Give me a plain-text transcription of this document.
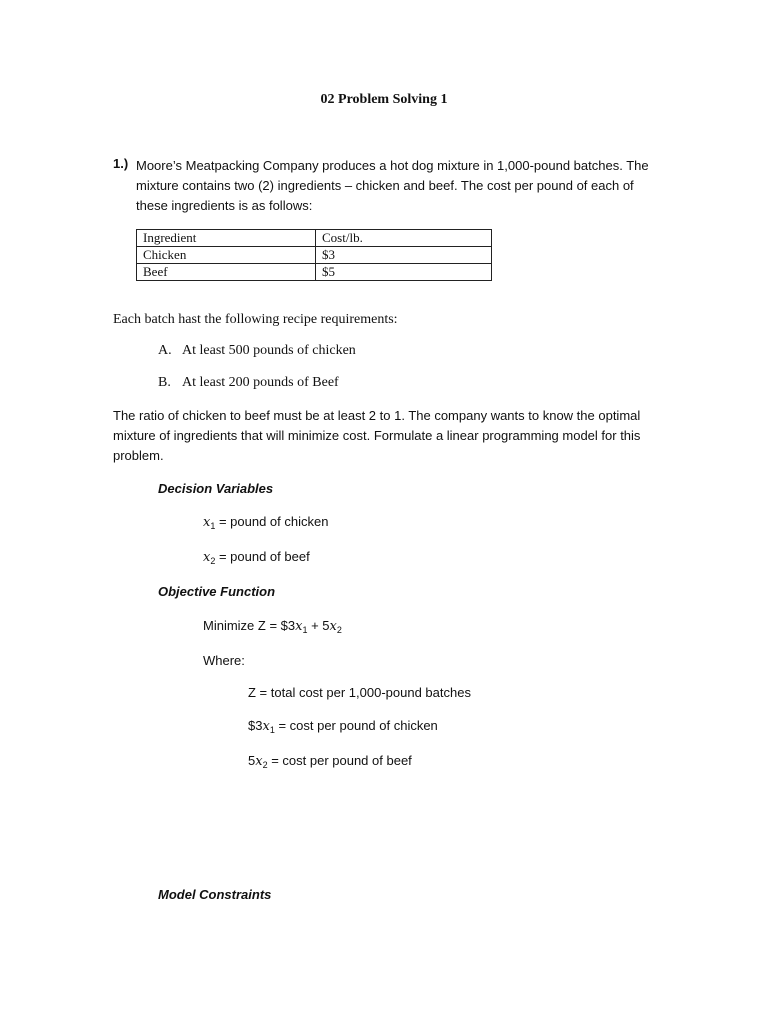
02 Problem Solving 1
1.) Moore’s Meatpacking Company produces a hot dog mixture in 1,000-pound batches. The
mixture contains two (2) ingredients – chicken and beef. The cost per pound of each of
these ingredients is as follows:
Ingredient	Cost/lb.
Chicken	$3
Beef	$5
Each batch hast the following recipe requirements:
A. At least 500 pounds of chicken
B. At least 200 pounds of Beef
The ratio of chicken to beef must be at least 2 to 1. The company wants to know the optimal
mixture of ingredients that will minimize cost. Formulate a linear programming model for this
problem.
Decision Variables
$x_1$ = pound of chicken
$x_2$ = pound of beef
Objective Function
Minimize $Z = \$3x_1 + 5x_2$
Where:
Z = total cost per 1,000-pound batches
$\$3x_1 = \cos t$ per pound of chicken
$5x_2 = \cos t$ per pound of beef
Model Constraints
